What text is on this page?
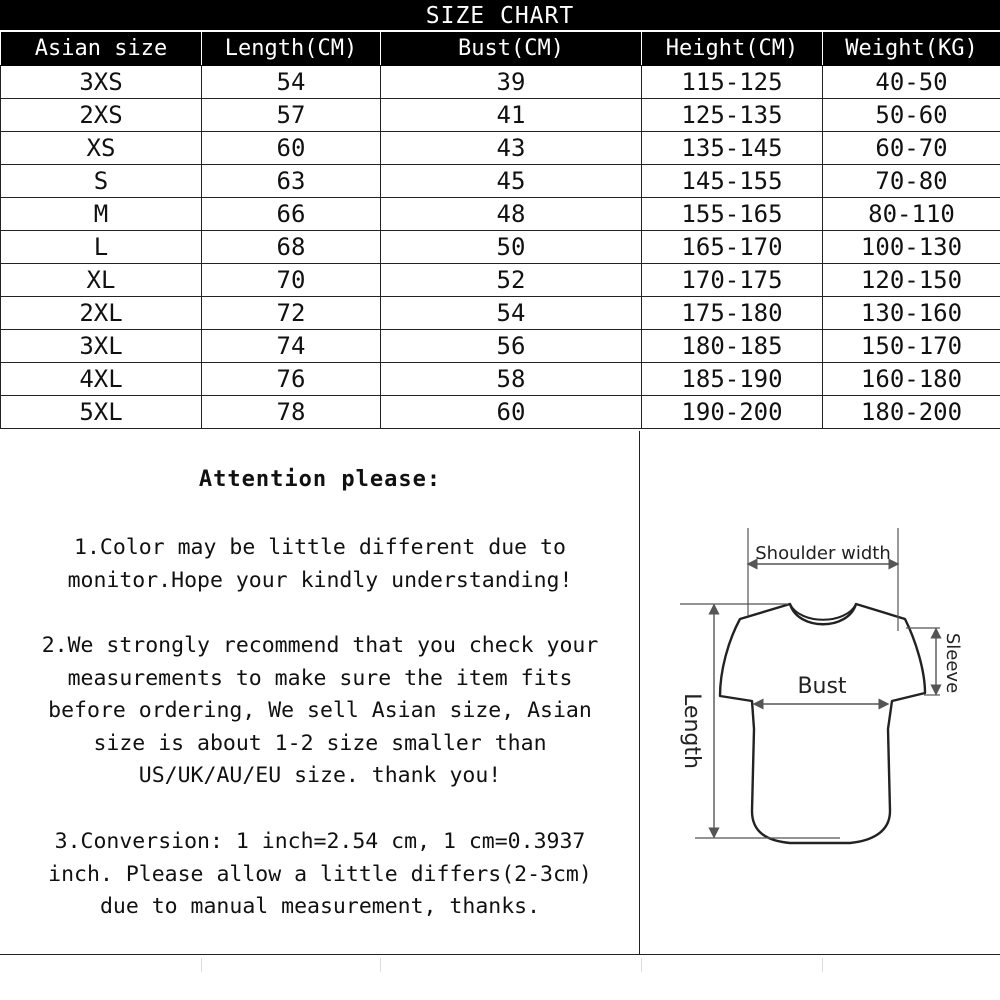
SIZE CHART
Asian size	Length(CM)	Bust(CM)	Height(CM)	Weight(KG)
3XS	54	39	115-125	40-50
2XS	57	41	125-135	50-60
XS	60	43	135-145	60-70
S	63	45	145-155	70-80
M	66	48	155-165	80-110
L	68	50	165-170	100-130
XL	70	52	170-175	120-150
2XL	72	54	175-180	130-160
3XL	74	56	180-185	150-170
4XL	76	58	185-190	160-180
5XL	78	60	190-200	180-200
Attention please:

1.Color may be little different due to
monitor.Hope your kindly understanding!

2.We strongly recommend that you check your
measurements to make sure the item fits
before ordering, We sell Asian size, Asian
size is about 1-2 size smaller than
US/UK/AU/EU size. thank you!

3.Conversion: 1 inch=2.54 cm, 1 cm=0.3937
inch. Please allow a little differs(2-3cm)
due to manual measurement, thanks.

Shoulder width
Length
Bust	Sleeve
